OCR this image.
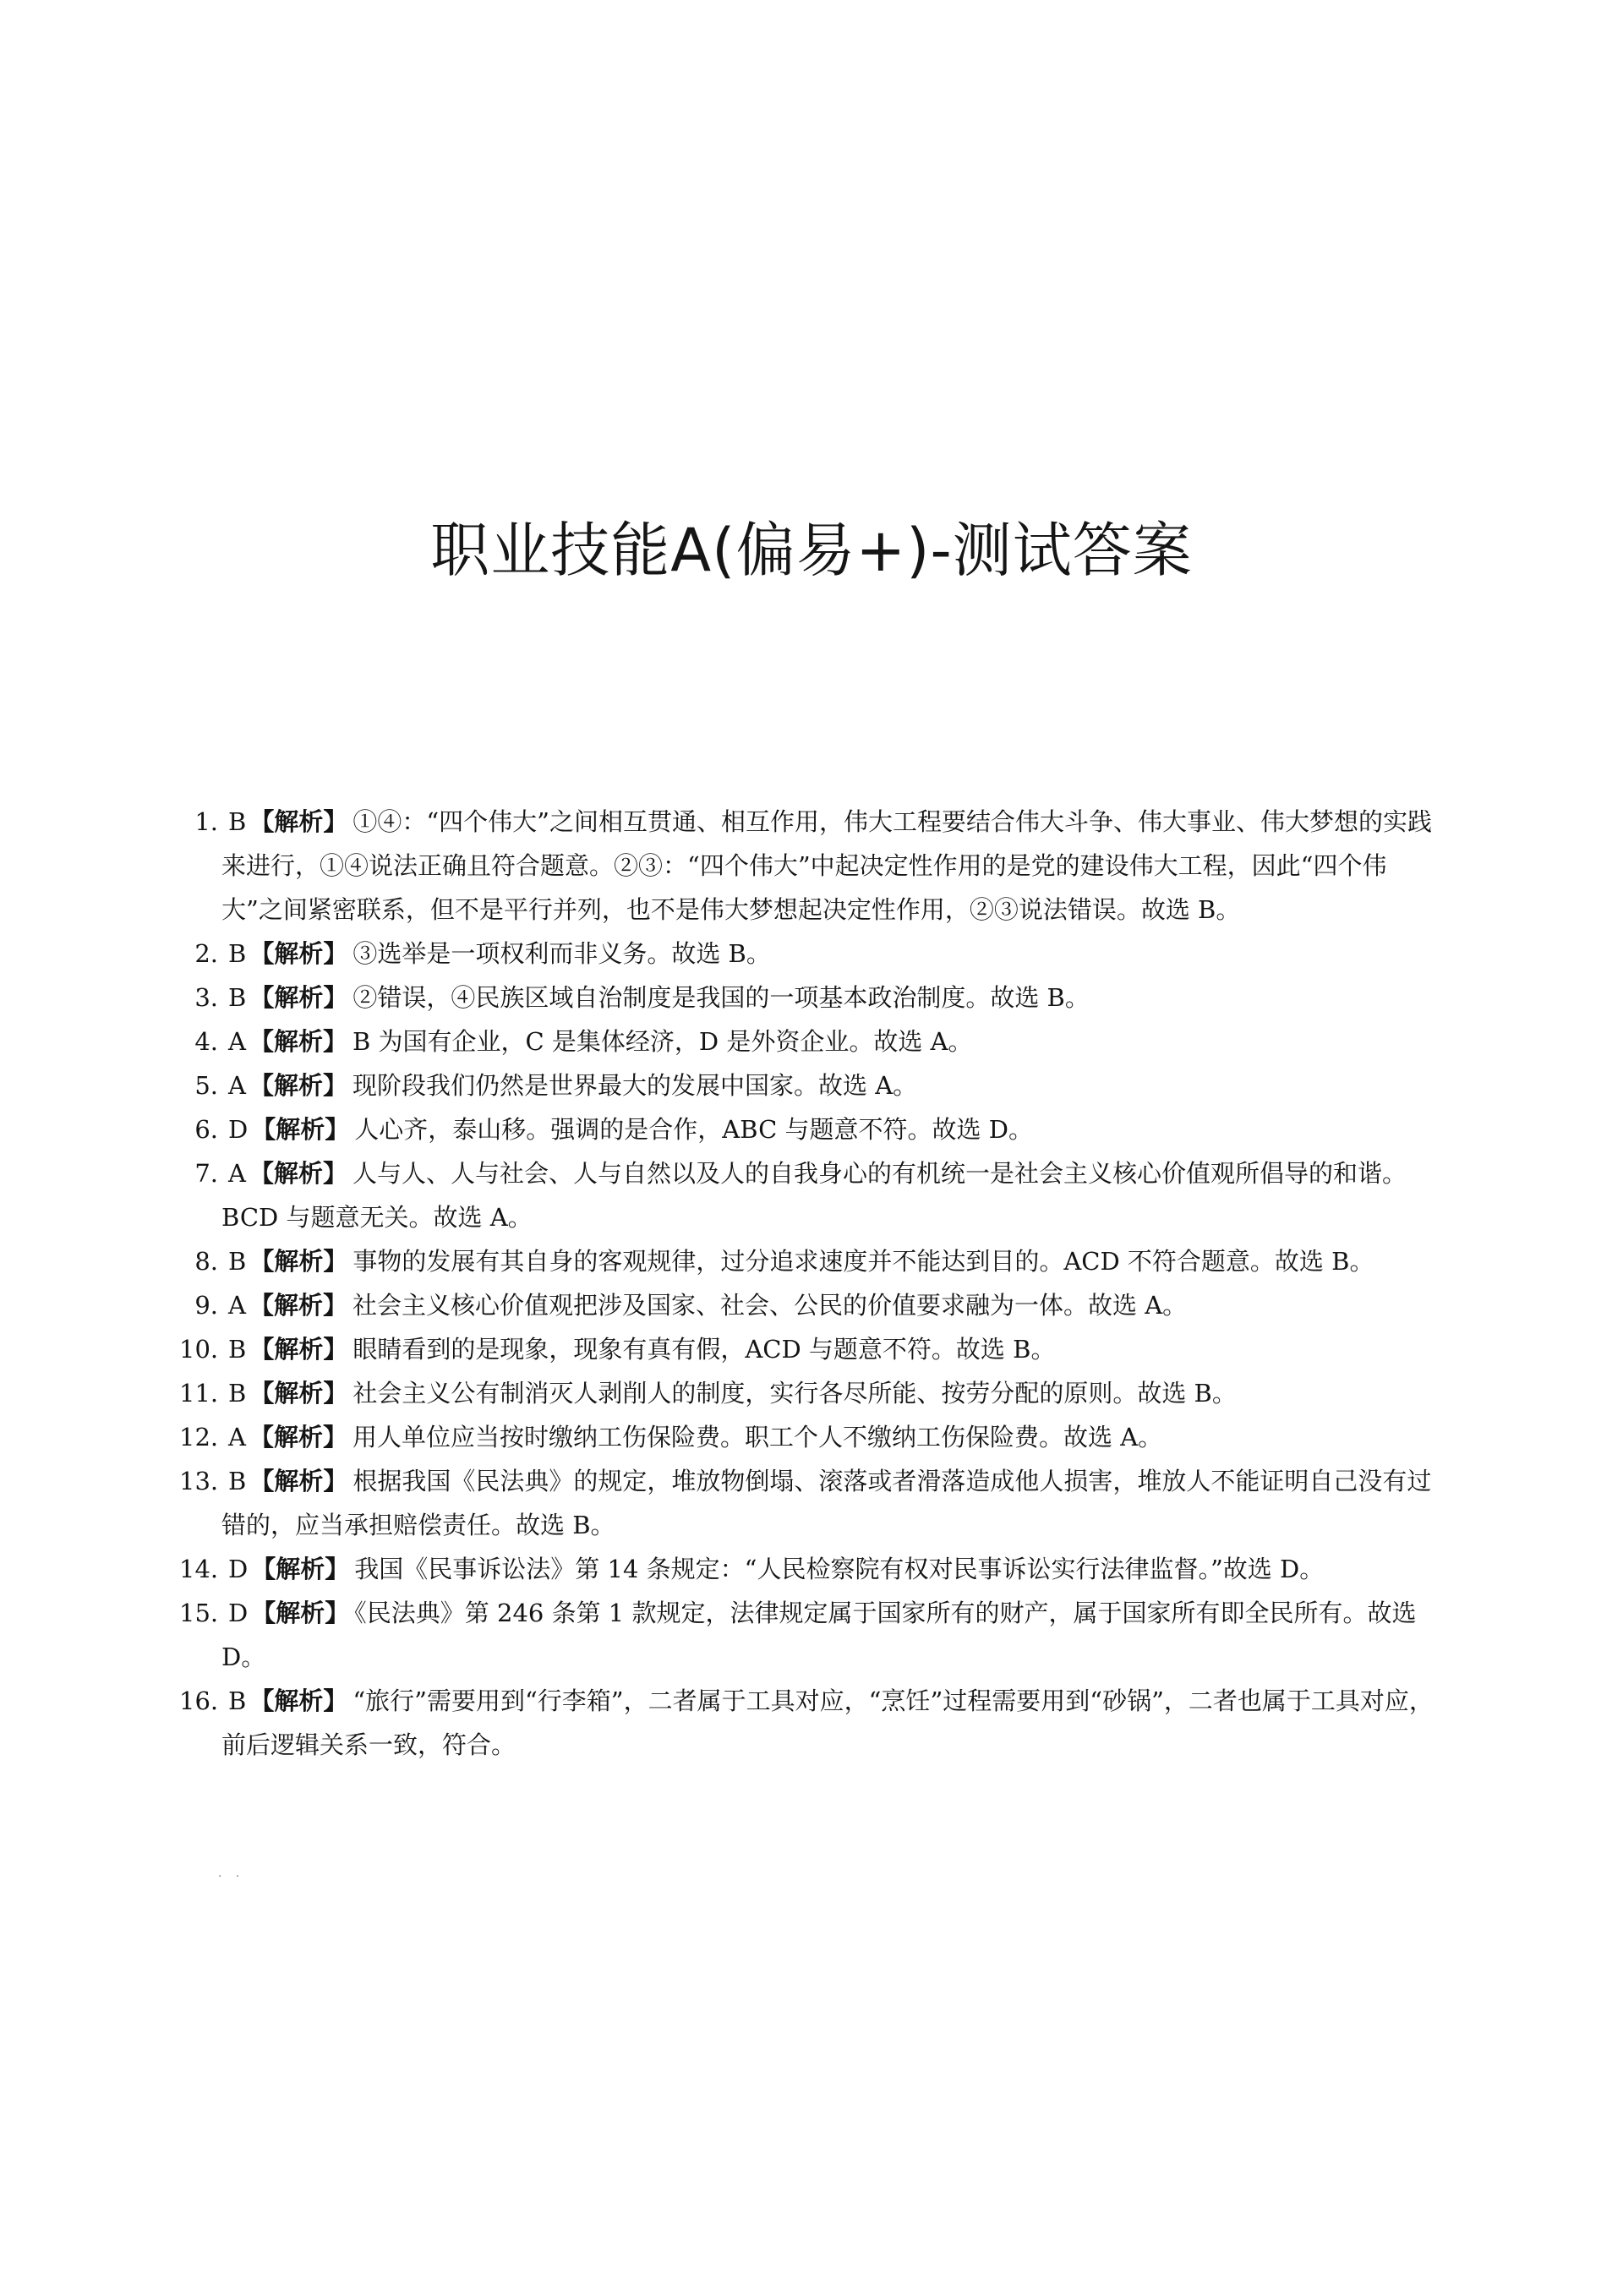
职业技能A(偏易+)-测试答案
1. B 【解析】 ①④：“四个伟大”之间相互贯通、相互作用，伟大工程要结合伟大斗争、伟大事业、伟大梦想的实践来进行，①④说法正确且符合题意。②③：“四个伟大”中起决定性作用的是党的建设伟大工程，因此“四个伟大”之间紧密联系，但不是平行并列，也不是伟大梦想起决定性作用，②③说法错误。故选 B。
2. B 【解析】 ③选举是一项权利而非义务。故选 B。
3. B 【解析】 ②错误，④民族区域自治制度是我国的一项基本政治制度。故选 B。
4. A 【解析】 B 为国有企业，C 是集体经济，D 是外资企业。故选 A。
5. A 【解析】 现阶段我们仍然是世界最大的发展中国家。故选 A。
6. D 【解析】 人心齐，泰山移。强调的是合作，ABC 与题意不符。故选 D。
7. A 【解析】 人与人、人与社会、人与自然以及人的自我身心的有机统一是社会主义核心价值观所倡导的和谐。BCD 与题意无关。故选 A。
8. B 【解析】 事物的发展有其自身的客观规律，过分追求速度并不能达到目的。ACD 不符合题意。故选 B。
9. A 【解析】 社会主义核心价值观把涉及国家、社会、公民的价值要求融为一体。故选 A。
10. B 【解析】 眼睛看到的是现象，现象有真有假，ACD 与题意不符。故选 B。
11. B 【解析】 社会主义公有制消灭人剥削人的制度，实行各尽所能、按劳分配的原则。故选 B。
12. A 【解析】 用人单位应当按时缴纳工伤保险费。职工个人不缴纳工伤保险费。故选 A。
13. B 【解析】 根据我国《民法典》的规定，堆放物倒塌、滚落或者滑落造成他人损害，堆放人不能证明自己没有过错的，应当承担赔偿责任。故选 B。
14. D 【解析】 我国《民事诉讼法》第 14 条规定：“人民检察院有权对民事诉讼实行法律监督。”故选 D。
15. D 【解析】 《民法典》第 246 条第 1 款规定，法律规定属于国家所有的财产，属于国家所有即全民所有。故选 D。
16. B 【解析】 “旅行”需要用到“行李箱”，二者属于工具对应，“烹饪”过程需要用到“砂锅”，二者也属于工具对应，前后逻辑关系一致，符合。
· ·
